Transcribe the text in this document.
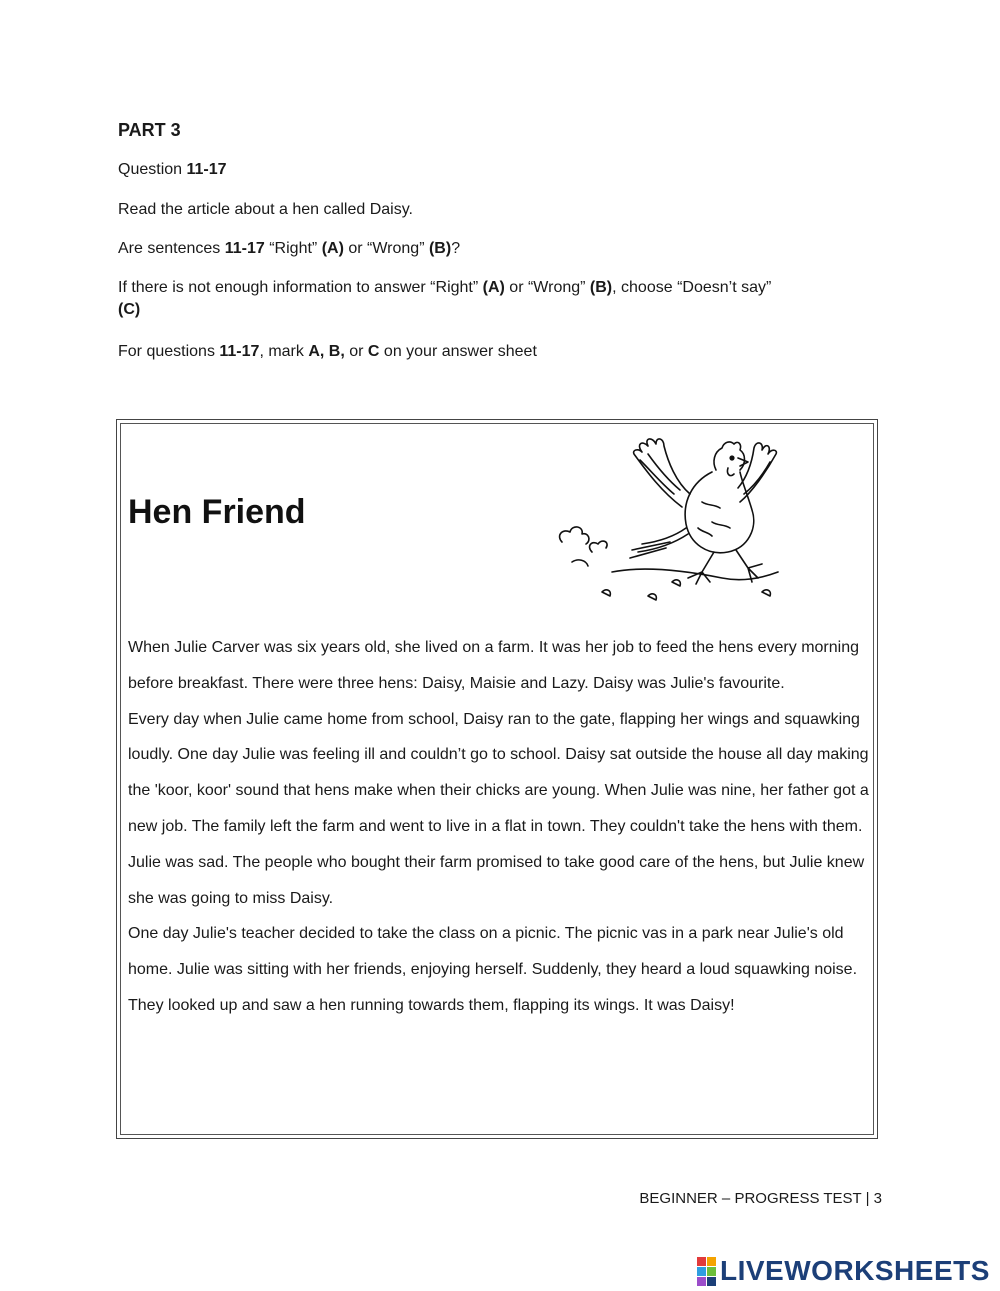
PART 3
Question 11-17
Read the article about a hen called Daisy.
Are sentences 11-17 “Right” (A) or “Wrong” (B)?
If there is not enough information to answer “Right” (A) or “Wrong” (B), choose “Doesn’t say”
(C)
For questions 11-17, mark A, B, or C on your answer sheet
Hen Friend

When Julie Carver was six years old, she lived on a farm. It was her job to feed the hens every morning before breakfast. There were three hens: Daisy, Maisie and Lazy. Daisy was Julie's favourite.

Every day when Julie came home from school, Daisy ran to the gate, flapping her wings and squawking loudly. One day Julie was feeling ill and couldn’t go to school. Daisy sat outside the house all day making the 'koor, koor' sound that hens make when their chicks are young. When Julie was nine, her father got a new job. The family left the farm and went to live in a flat in town. They couldn't take the hens with them. Julie was sad. The people who bought their farm promised to take good care of the hens, but Julie knew she was going to miss Daisy.

One day Julie's teacher decided to take the class on a picnic. The picnic vas in a park near Julie's old home. Julie was sitting with her friends, enjoying herself. Suddenly, they heard a loud squawking noise. They looked up and saw a hen running towards them, flapping its wings. It was Daisy!

BEGINNER – PROGRESS TEST | 3
LIVEWORKSHEETS
